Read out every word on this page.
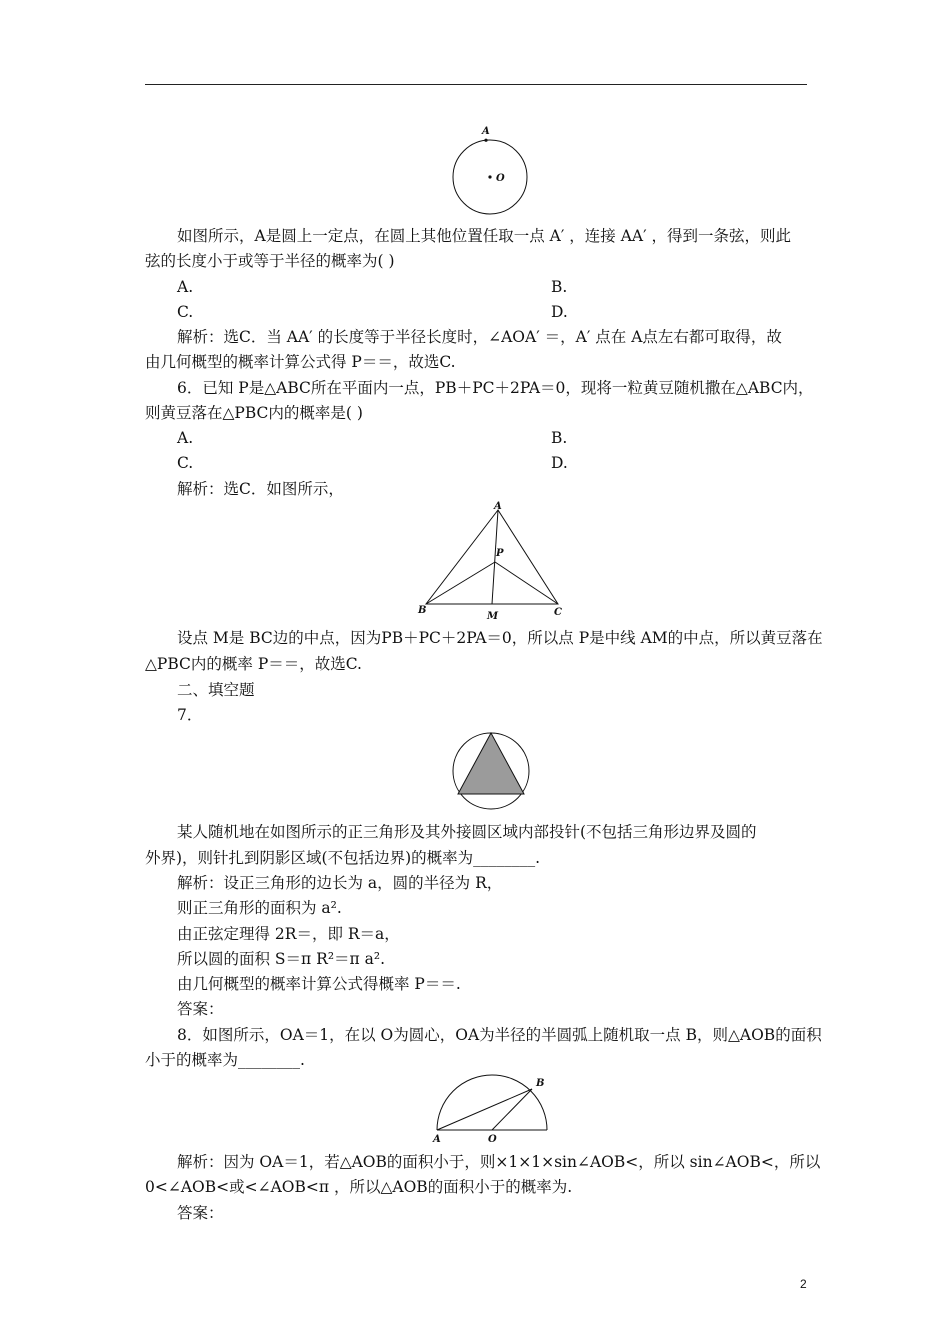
A
O
如图所示，A是圆上一定点，在圆上其他位置任取一点 A′ ，连接 AA′ ，得到一条弦，则此
弦的长度小于或等于半径的概率为( )
A.	B.
C.	D.
解析：选C．当 AA′ 的长度等于半径长度时，∠AOA′ ＝，A′ 点在 A点左右都可取得，故
由几何概型的概率计算公式得 P＝＝，故选C.
6．已知 P是△ABC所在平面内一点，PB＋PC＋2PA＝0，现将一粒黄豆随机撒在△ABC内，
则黄豆落在△PBC内的概率是( )
A.	B.
C.	D.
解析：选C．如图所示，
A
P
B
M	C
设点 M是 BC边的中点，因为PB＋PC＋2PA＝0，所以点 P是中线 AM的中点，所以黄豆落在
△PBC内的概率 P＝＝，故选C.
二、填空题
7．
某人随机地在如图所示的正三角形及其外接圆区域内部投针(不包括三角形边界及圆的
外界)，则针扎到阴影区域(不包括边界)的概率为________.
解析：设正三角形的边长为 a，圆的半径为 R，
则正三角形的面积为 a².
由正弦定理得 2R＝，即 R＝a，
所以圆的面积 S＝π R²＝π a².
由几何概型的概率计算公式得概率 P＝＝.
答案：
8．如图所示，OA＝1，在以 O为圆心，OA为半径的半圆弧上随机取一点 B，则△AOB的面积
小于的概率为________.
B
A	O
解析：因为 OA＝1，若△AOB的面积小于，则×1×1×sin∠AOB<，所以 sin∠AOB<，所以
0<∠AOB<或<∠AOB<π ，所以△AOB的面积小于的概率为.
答案：
2
